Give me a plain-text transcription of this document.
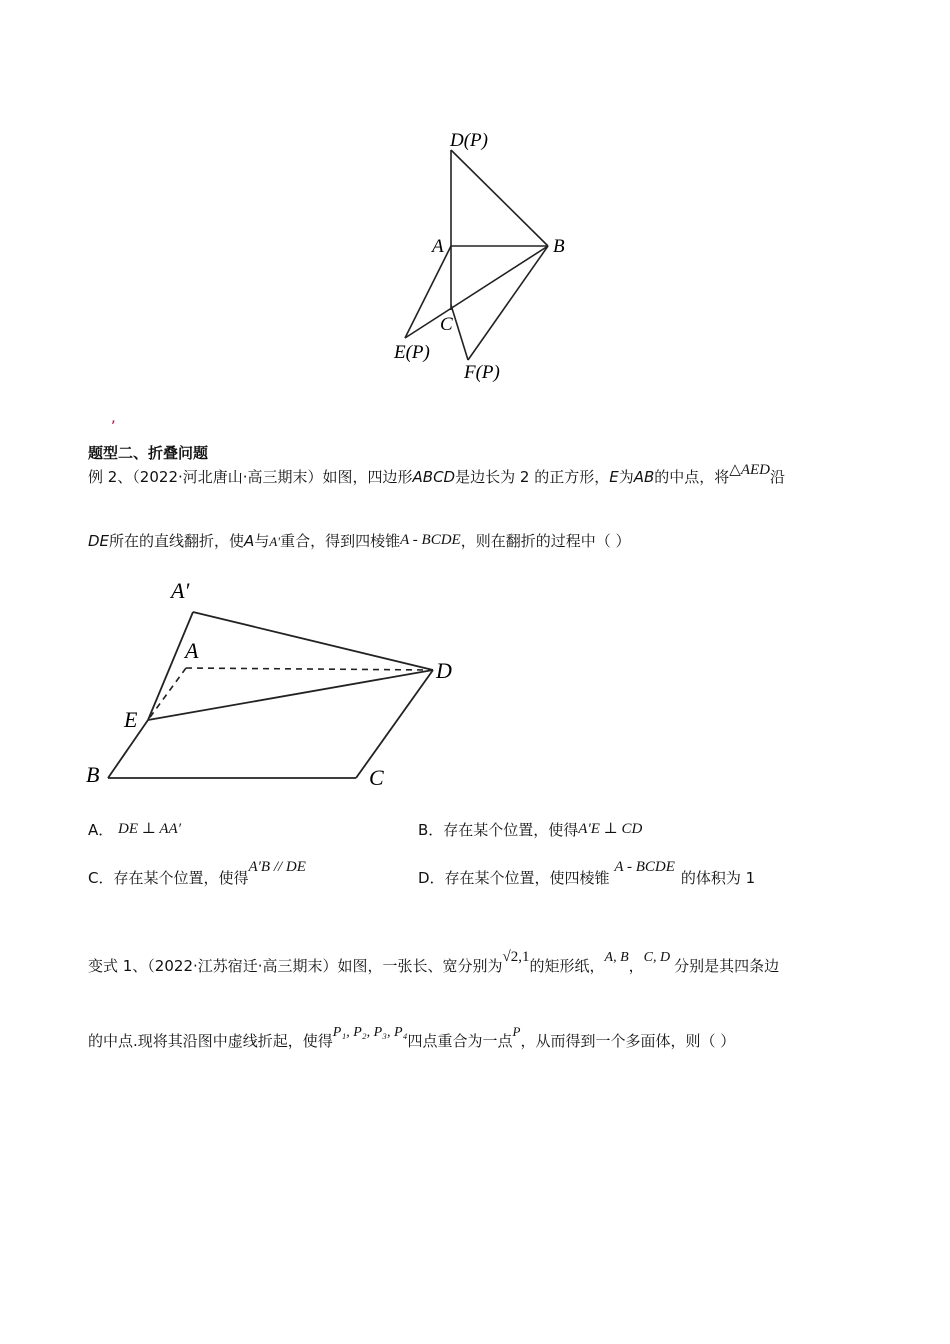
D(P)
A	B
C
E(P)
F(P)
,
题型二、折叠问题
例 2、（2022·河北唐山·高三期末）如图，四边形ABCD是边长为 2 的正方形，E为AB的中点，将△AED沿
DE所在的直线翻折，使A与A′重合，得到四棱锥A - BCDE，则在翻折的过程中（ ）
A′
A
D
E
B	C
A． DE ⊥ AA′	B．存在某个位置，使得A′E ⊥ CD
C．存在某个位置，使得A′B // DE
D．存在某个位置，使四棱锥 A - BCDE的体积为 1
变式 1、（2022·江苏宿迁·高三期末）如图，一张长、宽分别为√2,1的矩形纸，A, B，C, D 分别是其四条边
的中点.现将其沿图中虚线折起，使得P₁, P₂, P₃, P₄四点重合为一点P，从而得到一个多面体，则（ ）
